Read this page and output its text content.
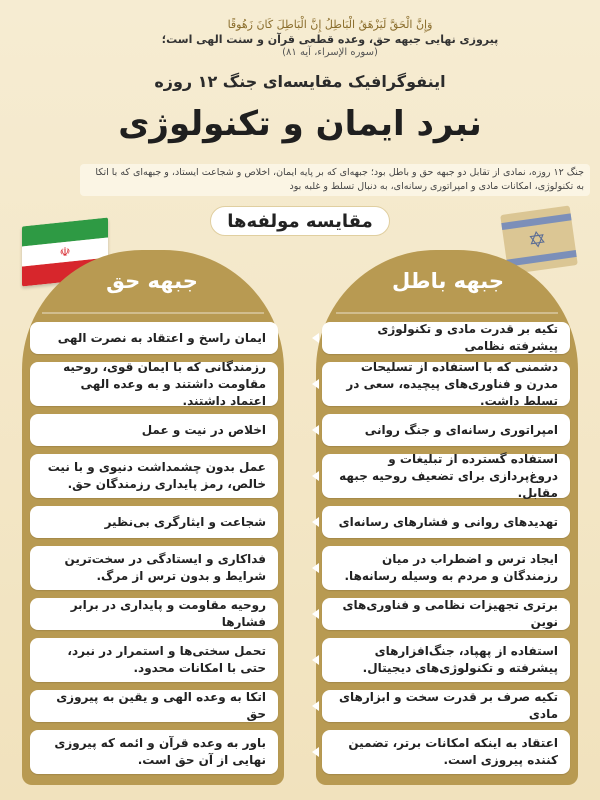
وَإِنَّ الْحَقَّ لَيَزْهَقُ الْبَاطِلُ إِنَّ الْبَاطِلَ كَانَ زَهُوقًا
پیروزی نهایی جبهه حق، وعده قطعی قرآن و سنت الهی است؛
(سوره الإسراء، آیه ۸۱)
اینفوگرافیک مقایسه‌ای جنگ ۱۲ روزه
نبرد ایمان و تکنولوژی
جنگ ۱۲ روزه، نمادی از تقابل دو جبهه حق و باطل بود؛ جبهه‌ای که بر پایه ایمان، اخلاص و شجاعت ایستاد، و جبهه‌ای که با اتکا به تکنولوژی، امکانات مادی و امپراتوری رسانه‌ای، به دنبال تسلط و غلبه بود
مقایسه مولفه‌ها
☫	✡
جبهه باطل
جبهه حق
تکیه بر قدرت مادی و تکنولوژی پیشرفته نظامی
دشمنی که با استفاده از تسلیحات مدرن و فناوری‌های پیچیده، سعی در تسلط داشت.
امپراتوری رسانه‌ای و جنگ روانی
استفاده گسترده از تبلیغات و دروغ‌پردازی برای تضعیف روحیه جبهه مقابل.
تهدیدهای روانی و فشارهای رسانه‌ای
ایجاد ترس و اضطراب در میان رزمندگان و مردم به وسیله رسانه‌ها.
برتری تجهیزات نظامی و فناوری‌های نوین
استفاده از پهپاد، جنگ‌افزارهای پیشرفته و تکنولوژی‌های دیجیتال.
تکیه صرف بر قدرت سخت و ابزارهای مادی
اعتقاد به اینکه امکانات برتر، تضمین کننده پیروزی است.
ایمان راسخ و اعتقاد به نصرت الهی
رزمندگانی که با ایمان قوی، روحیه مقاومت داشتند و به وعده الهی اعتماد داشتند.
اخلاص در نیت و عمل
عمل بدون چشمداشت دنیوی و با نیت خالص، رمز پایداری رزمندگان حق.
شجاعت و ایثارگری بی‌نظیر
فداکاری و ایستادگی در سخت‌ترین شرایط و بدون ترس از مرگ.
روحیه مقاومت و پایداری در برابر فشارها
تحمل سختی‌ها و استمرار در نبرد، حتی با امکانات محدود.
اتکا به وعده الهی و یقین به پیروزی حق
باور به وعده قرآن و ائمه که پیروزی نهایی از آن حق است.
